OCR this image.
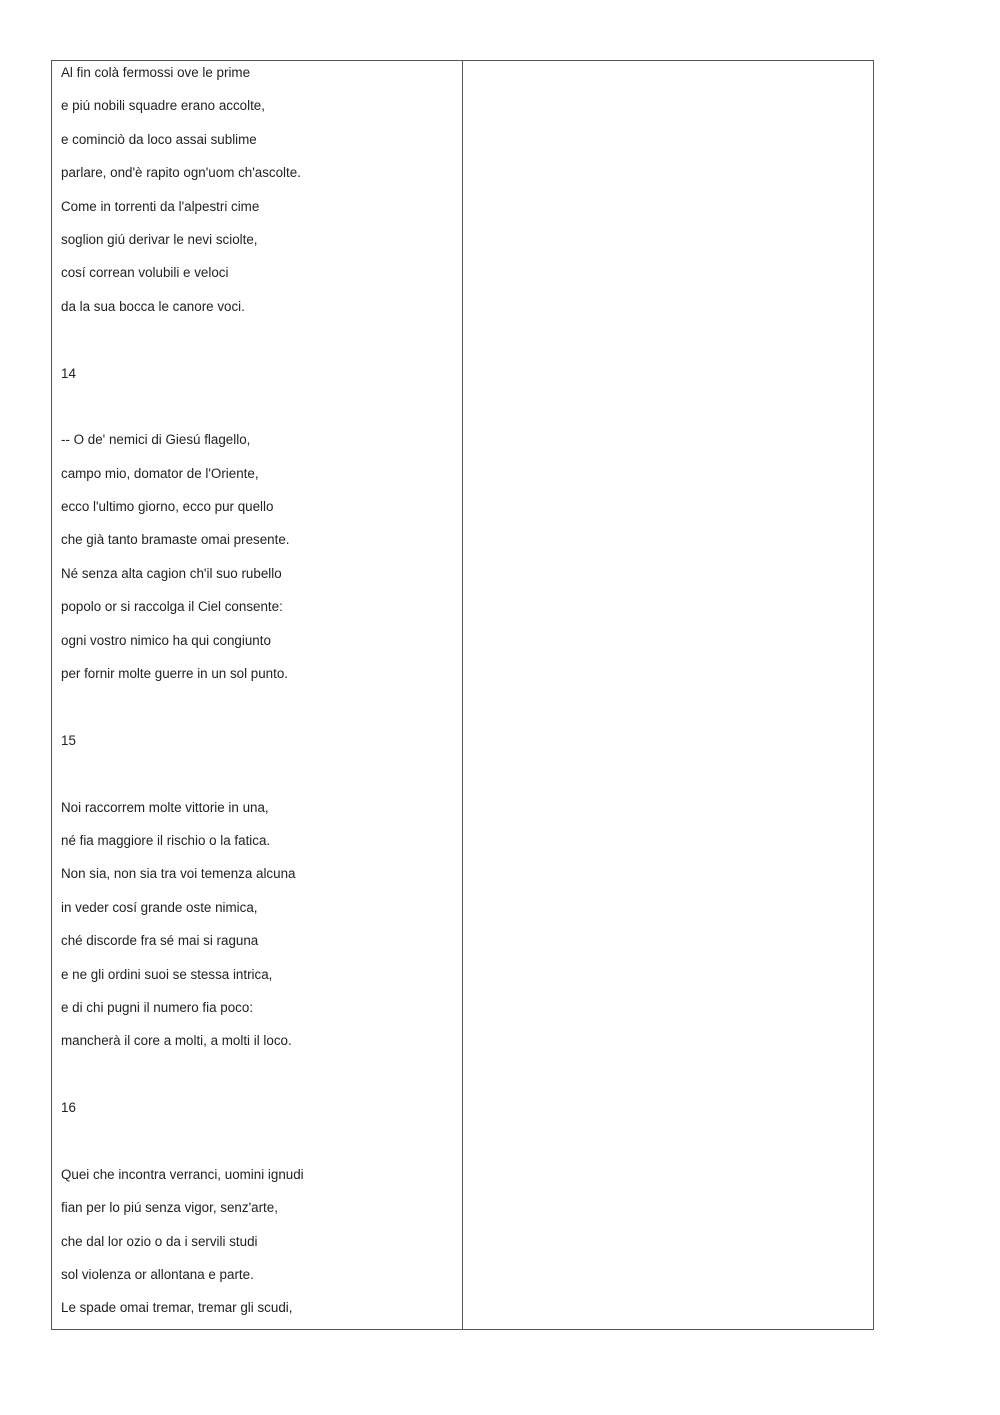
Al fin colà fermossi ove le prime
e piú nobili squadre erano accolte,
e cominciò da loco assai sublime
parlare, ond'è rapito ogn'uom ch'ascolte.
Come in torrenti da l'alpestri cime
soglion giú derivar le nevi sciolte,
cosí correan volubili e veloci
da la sua bocca le canore voci.
14
-- O de' nemici di Giesú flagello,
campo mio, domator de l'Oriente,
ecco l'ultimo giorno, ecco pur quello
che già tanto bramaste omai presente.
Né senza alta cagion ch'il suo rubello
popolo or si raccolga il Ciel consente:
ogni vostro nimico ha qui congiunto
per fornir molte guerre in un sol punto.
15
Noi raccorrem molte vittorie in una,
né fia maggiore il rischio o la fatica.
Non sia, non sia tra voi temenza alcuna
in veder cosí grande oste nimica,
ché discorde fra sé mai si raguna
e ne gli ordini suoi se stessa intrica,
e di chi pugni il numero fia poco:
mancherà il core a molti, a molti il loco.
16
Quei che incontra verranci, uomini ignudi
fian per lo piú senza vigor, senz'arte,
che dal lor ozio o da i servili studi
sol violenza or allontana e parte.
Le spade omai tremar, tremar gli scudi,
